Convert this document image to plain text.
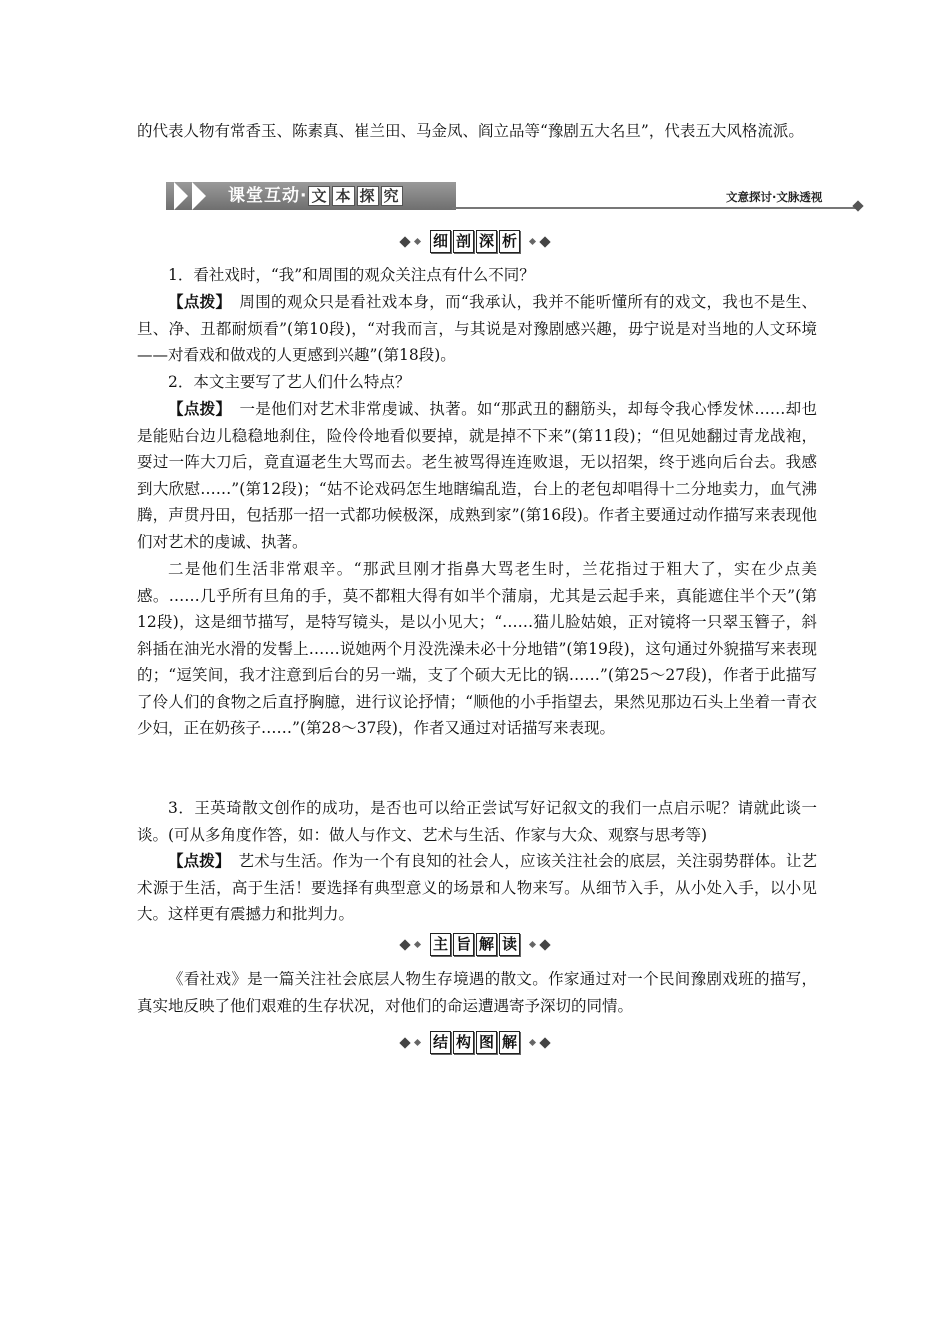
的代表人物有常香玉、陈素真、崔兰田、马金凤、阎立品等“豫剧五大名旦”，代表五大风格流派。

课堂互动· 文 本 探 究	文意探讨·文脉透视
细 剖 深 析

1．看社戏时，“我”和周围的观众关注点有什么不同？

【点拨】　 周围的观众只是看社戏本身，而“我承认，我并不能听懂所有的戏文，我也不是生、旦、净、丑都耐烦看”(第10段)，“对我而言，与其说是对豫剧感兴趣，毋宁说是对当地的人文环境——对看戏和做戏的人更感到兴趣”(第18段)。

2．本文主要写了艺人们什么特点？

【点拨】　 一是他们对艺术非常虔诚、执著。如“那武丑的翻筋头，却每令我心悸发怵……却也是能贴台边儿稳稳地刹住，险伶伶地看似要掉，就是掉不下来”(第11段)；“但见她翻过青龙战袍，耍过一阵大刀后，竟直逼老生大骂而去。老生被骂得连连败退，无以招架，终于逃向后台去。我感到大欣慰……”(第12段)；“姑不论戏码怎生地瞎编乱造，台上的老包却唱得十二分地卖力，血气沸腾，声贯丹田，包括那一招一式都功候极深，成熟到家”(第16段)。作者主要通过动作描写来表现他们对艺术的虔诚、执著。

二是他们生活非常艰辛。“那武旦刚才指鼻大骂老生时，兰花指过于粗大了，实在少点美感。……几乎所有旦角的手，莫不都粗大得有如半个蒲扇，尤其是云起手来，真能遮住半个天”(第12段)，这是细节描写，是特写镜头，是以小见大；“……猫儿脸姑娘，正对镜将一只翠玉簪子，斜斜插在油光水滑的发髻上……说她两个月没洗澡未必十分地错”(第19段)，这句通过外貌描写来表现的；“逗笑间，我才注意到后台的另一端，支了个硕大无比的锅……”(第25～27段)，作者于此描写了伶人们的食物之后直抒胸臆，进行议论抒情；“顺他的小手指望去，果然见那边石头上坐着一青衣少妇，正在奶孩子……”(第28～37段)，作者又通过对话描写来表现。

3．王英琦散文创作的成功，是否也可以给正尝试写好记叙文的我们一点启示呢？请就此谈一谈。(可从多角度作答，如：做人与作文、艺术与生活、作家与大众、观察与思考等)

【点拨】　 艺术与生活。作为一个有良知的社会人，应该关注社会的底层，关注弱势群体。让艺术源于生活，高于生活！要选择有典型意义的场景和人物来写。从细节入手，从小处入手，以小见大。这样更有震撼力和批判力。

主 旨 解 读

《看社戏》是一篇关注社会底层人物生存境遇的散文。作家通过对一个民间豫剧戏班的描写，真实地反映了他们艰难的生存状况，对他们的命运遭遇寄予深切的同情。

结 构 图 解
